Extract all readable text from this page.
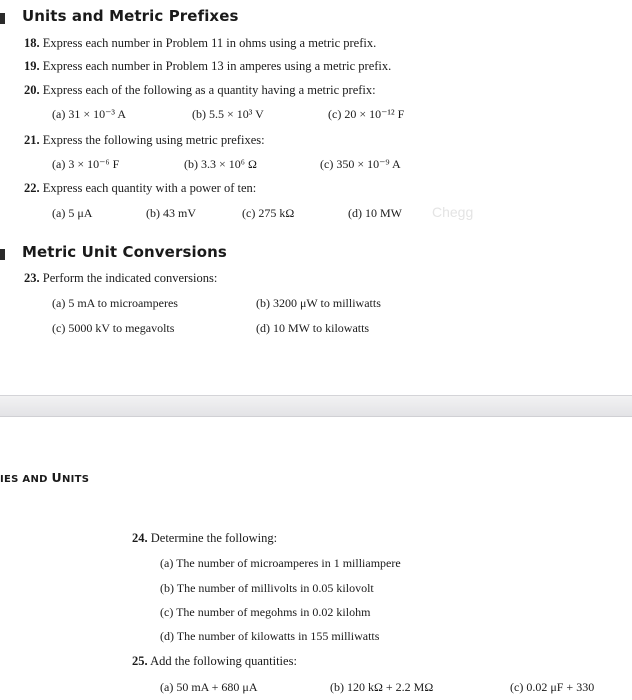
Units and Metric Prefixes
18. Express each number in Problem 11 in ohms using a metric prefix.
19. Express each number in Problem 13 in amperes using a metric prefix.
20. Express each of the following as a quantity having a metric prefix:
(a) 31 × 10⁻³ A	(b) 5.5 × 10³ V	(c) 20 × 10⁻¹² F
21. Express the following using metric prefixes:
(a) 3 × 10⁻⁶ F	(b) 3.3 × 10⁶ Ω	(c) 350 × 10⁻⁹ A
22. Express each quantity with a power of ten:
(a) 5 μA	(b) 43 mV	(c) 275 kΩ	(d) 10 MW Chegg
Metric Unit Conversions
23. Perform the indicated conversions:
(a) 5 mA to microamperes	(b) 3200 μW to milliwatts
(c) 5000 kV to megavolts	(d) 10 MW to kilowatts
IES AND UNITS
24. Determine the following:
(a) The number of microamperes in 1 milliampere
(b) The number of millivolts in 0.05 kilovolt
(c) The number of megohms in 0.02 kilohm
(d) The number of kilowatts in 155 milliwatts
25. Add the following quantities:
(a) 50 mA + 680 μA	(b) 120 kΩ + 2.2 MΩ	(c) 0.02 μF + 330
